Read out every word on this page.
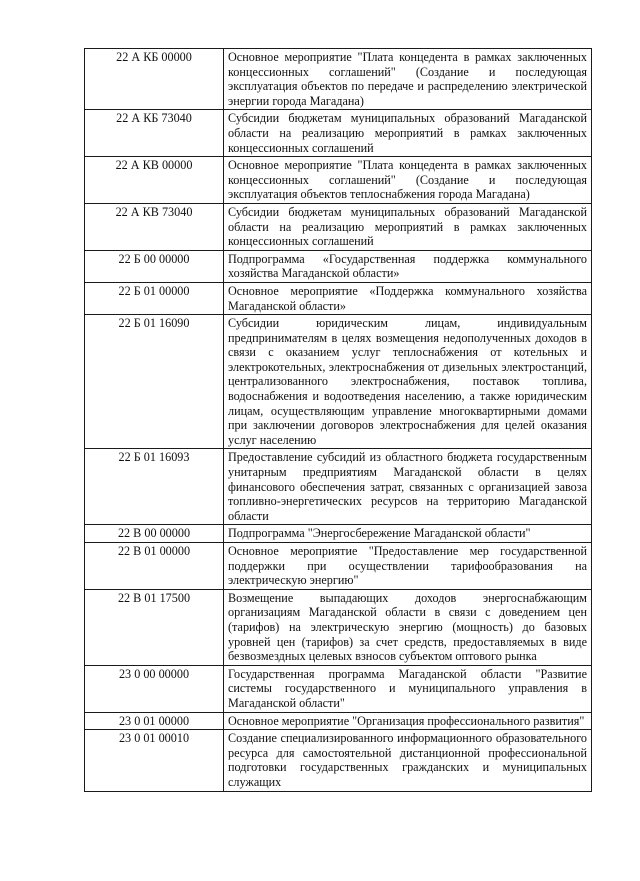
22 А КБ 00000	Основное мероприятие "Плата концедента в рамках заключенных концессионных соглашений" (Создание и последующая эксплуатация объектов по передаче и распределению электрической энергии города Магадана)
22 А КБ 73040	Субсидии бюджетам муниципальных образований Магаданской области на реализацию мероприятий в рамках заключенных концессионных соглашений
22 А КВ 00000	Основное мероприятие "Плата концедента в рамках заключенных концессионных соглашений" (Создание и последующая эксплуатация объектов теплоснабжения города Магадана)
22 А КВ 73040	Субсидии бюджетам муниципальных образований Магаданской области на реализацию мероприятий в рамках заключенных концессионных соглашений
22 Б 00 00000	Подпрограмма «Государственная поддержка коммунального хозяйства Магаданской области»
22 Б 01 00000	Основное мероприятие «Поддержка коммунального хозяйства Магаданской области»
22 Б 01 16090	Субсидии юридическим лицам, индивидуальным предпринимателям в целях возмещения недополученных доходов в связи с оказанием услуг теплоснабжения от котельных и электрокотельных, электроснабжения от дизельных электростанций, централизованного электроснабжения, поставок топлива, водоснабжения и водоотведения населению, а также юридическим лицам, осуществляющим управление многоквартирными домами при заключении договоров электроснабжения для целей оказания услуг населению
22 Б 01 16093	Предоставление субсидий из областного бюджета государственным унитарным предприятиям Магаданской области в целях финансового обеспечения затрат, связанных с организацией завоза топливно-энергетических ресурсов на территорию Магаданской области
22 В 00 00000	Подпрограмма "Энергосбережение Магаданской области"
22 В 01 00000	Основное мероприятие "Предоставление мер государственной поддержки при осуществлении тарифообразования на электрическую энергию"
22 В 01 17500	Возмещение выпадающих доходов энергоснабжающим организациям Магаданской области в связи с доведением цен (тарифов) на электрическую энергию (мощность) до базовых уровней цен (тарифов) за счет средств, предоставляемых в виде безвозмездных целевых взносов субъектом оптового рынка
23 0 00 00000	Государственная программа Магаданской области "Развитие системы государственного и муниципального управления в Магаданской области"
23 0 01 00000	Основное мероприятие "Организация профессионального развития"
23 0 01 00010	Создание специализированного информационного образовательного ресурса для самостоятельной дистанционной профессиональной подготовки государственных гражданских и муниципальных служащих
